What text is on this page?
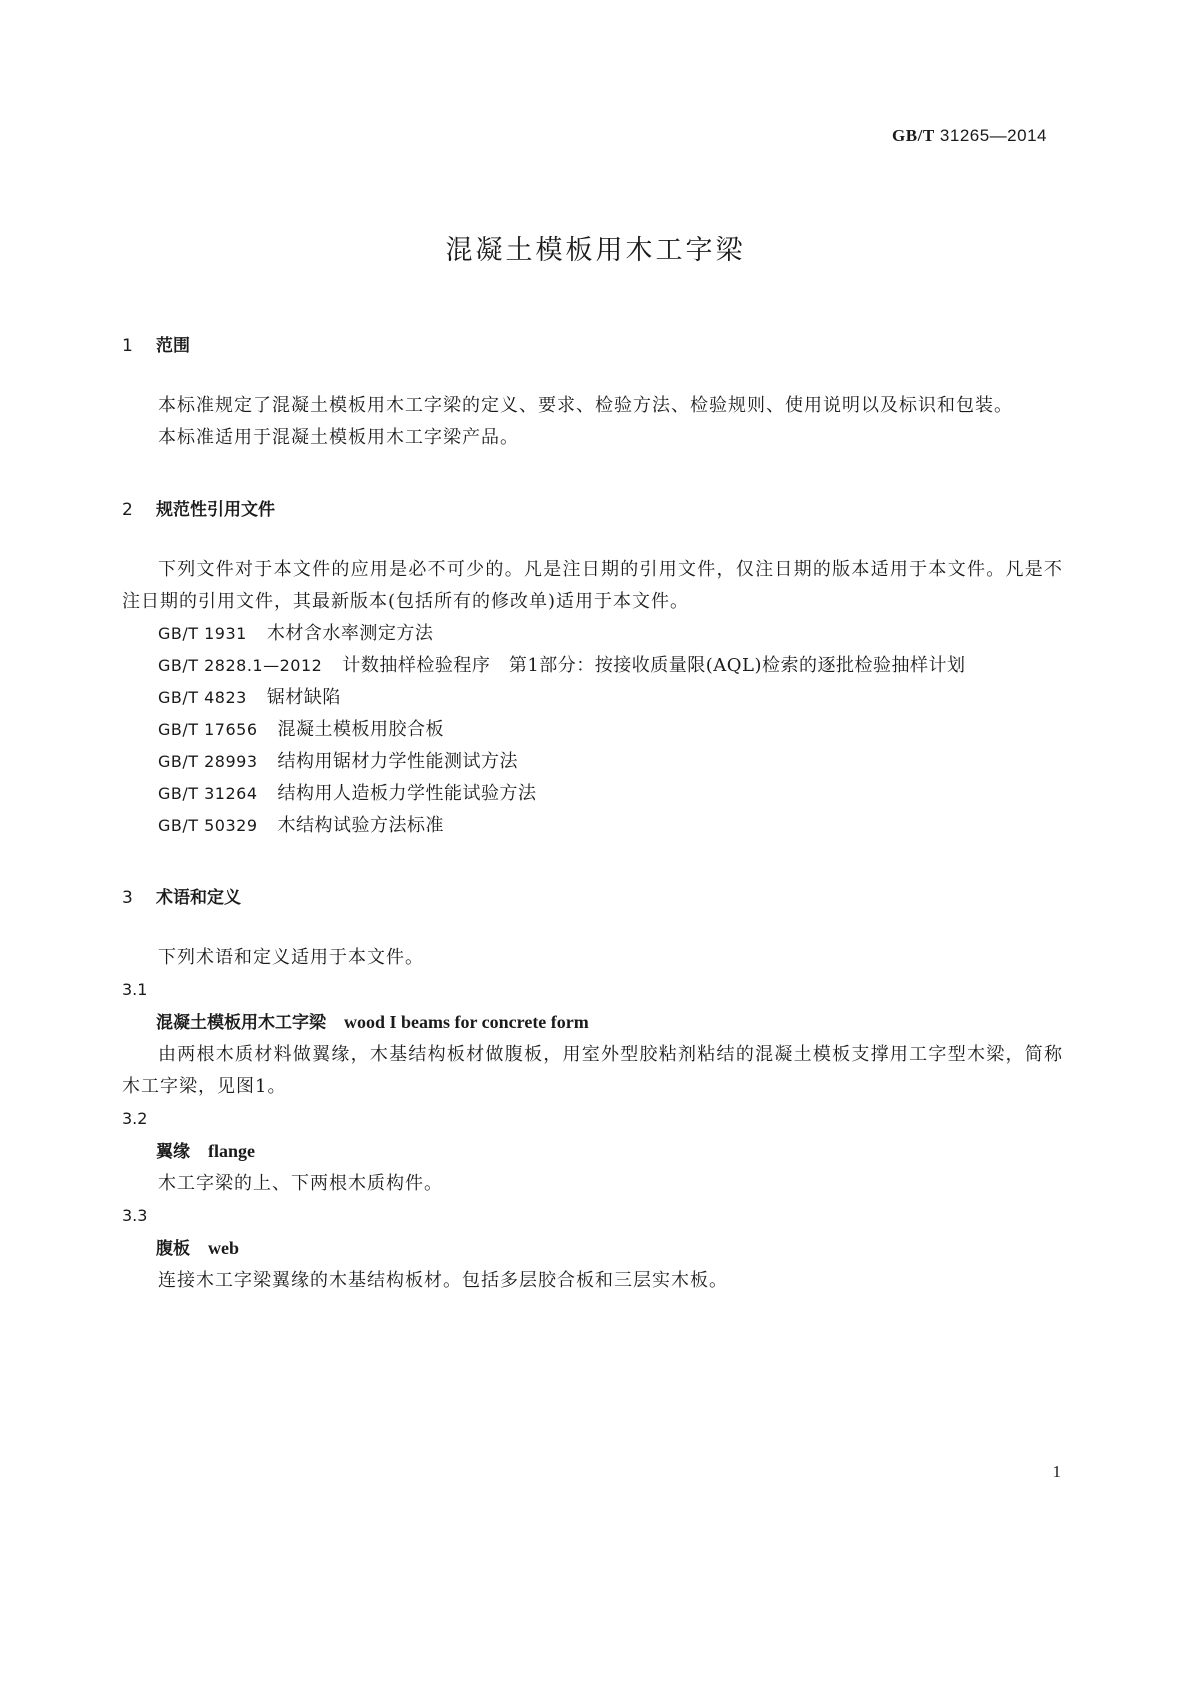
GB/T 31265—2014
混凝土模板用木工字梁

1 范围

本标准规定了混凝土模板用木工字梁的定义、要求、检验方法、检验规则、使用说明以及标识和包装。

本标准适用于混凝土模板用木工字梁产品。

2 规范性引用文件

下列文件对于本文件的应用是必不可少的。凡是注日期的引用文件，仅注日期的版本适用于本文件。凡是不注日期的引用文件，其最新版本(包括所有的修改单)适用于本文件。

GB/T 1931 木材含水率测定方法

GB/T 2828.1—2012 计数抽样检验程序　第1部分：按接收质量限(AQL)检索的逐批检验抽样计划

GB/T 4823 锯材缺陷

GB/T 17656 混凝土模板用胶合板

GB/T 28993 结构用锯材力学性能测试方法

GB/T 31264 结构用人造板力学性能试验方法

GB/T 50329 木结构试验方法标准

3 术语和定义

下列术语和定义适用于本文件。

3.1

混凝土模板用木工字梁 wood I beams for concrete form

由两根木质材料做翼缘，木基结构板材做腹板，用室外型胶粘剂粘结的混凝土模板支撑用工字型木梁，简称木工字梁，见图1。

3.2

翼缘 flange

木工字梁的上、下两根木质构件。

3.3

腹板 web

连接木工字梁翼缘的木基结构板材。包括多层胶合板和三层实木板。

1
